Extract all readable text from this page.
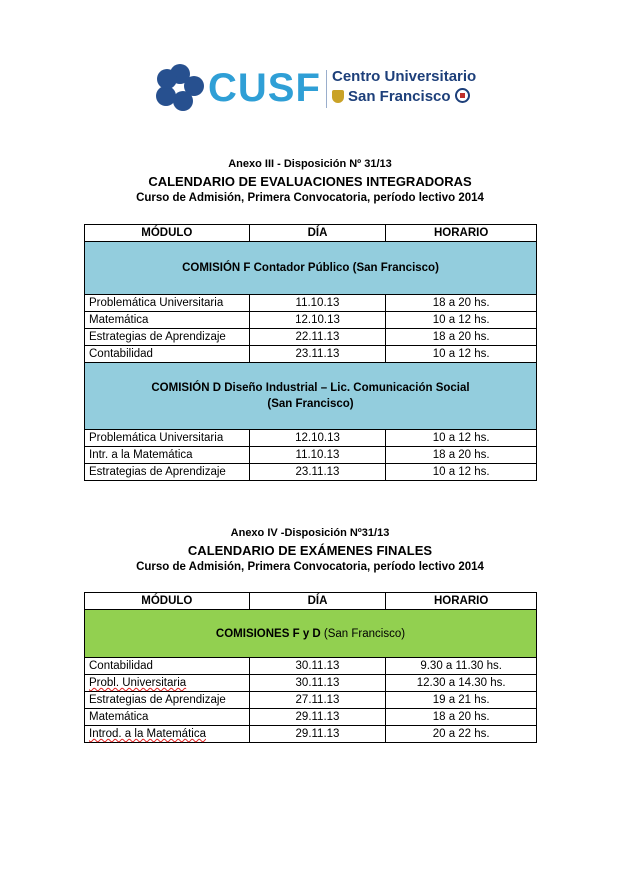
CUSF Centro Universitario
San Francisco
Anexo III - Disposición Nº 31/13
CALENDARIO DE EVALUACIONES INTEGRADORAS
Curso de Admisión, Primera Convocatoria, período lectivo 2014
MÓDULO	DÍA	HORARIO
COMISIÓN F Contador Público (San Francisco)		
Problemática Universitaria	11.10.13	18 a 20 hs.
Matemática	12.10.13	10 a 12 hs.
Estrategias de Aprendizaje	22.11.13	18 a 20 hs.
Contabilidad	23.11.13	10 a 12 hs.

COMISIÓN D Diseño Industrial – Lic. Comunicación Social
(San Francisco)		

Problemática Universitaria	12.10.13	10 a 12 hs.
Intr. a la Matemática	11.10.13	18 a 20 hs.
Estrategias de Aprendizaje	23.11.13	10 a 12 hs.
Anexo IV -Disposición Nº31/13
CALENDARIO DE EXÁMENES FINALES
Curso de Admisión, Primera Convocatoria, período lectivo 2014
MÓDULO	DÍA	HORARIO
COMISIONES F y D (San Francisco)		
Contabilidad	30.11.13	9.30 a 11.30 hs.
Probl. Universitaria	30.11.13	12.30 a 14.30 hs.
Estrategias de Aprendizaje	27.11.13	19 a 21 hs.
Matemática	29.11.13	18 a 20 hs.
Introd. a la Matemática	29.11.13	20 a 22 hs.
